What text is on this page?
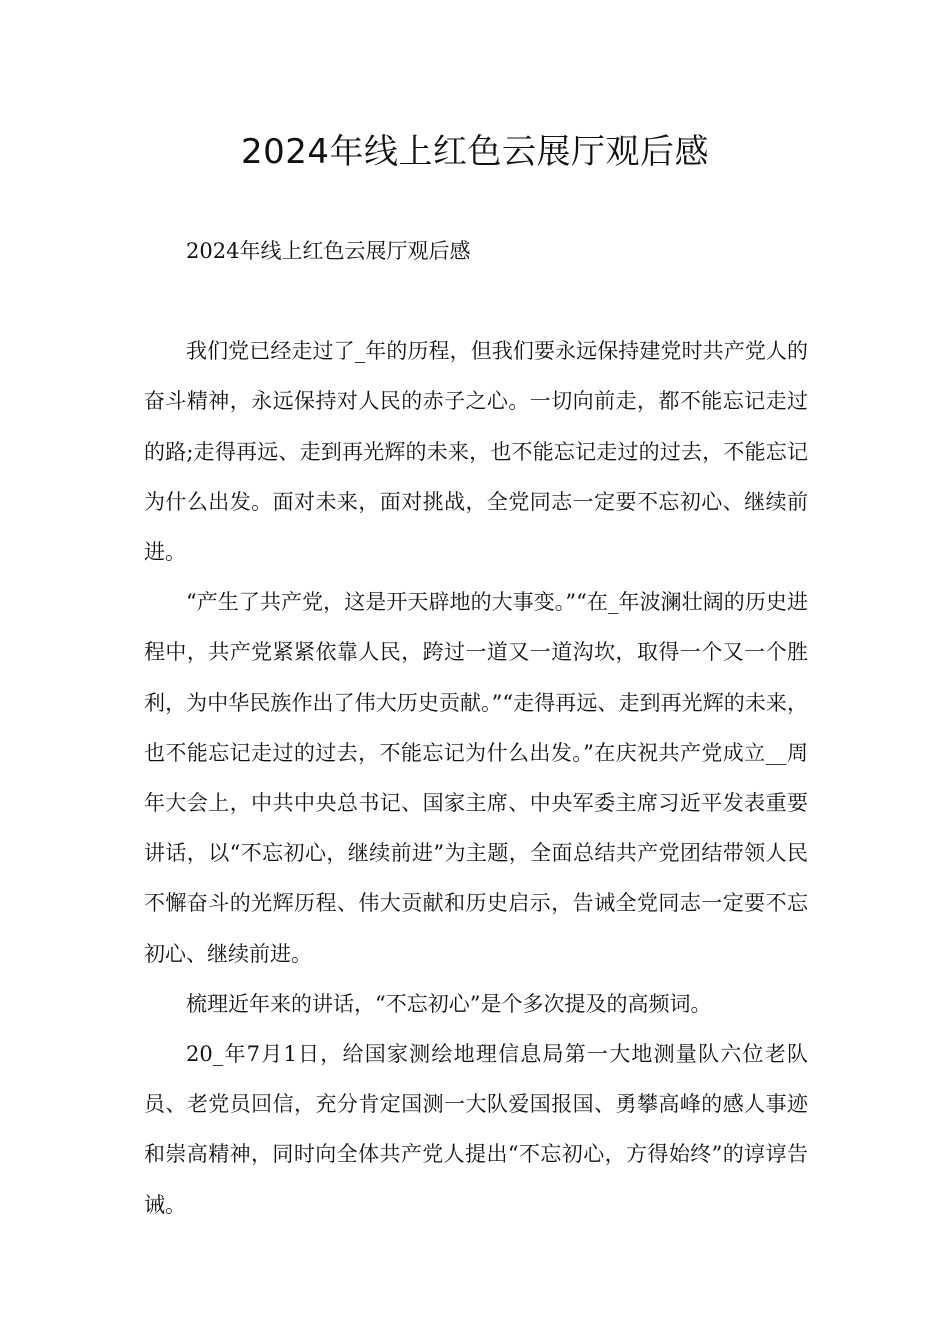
2024年线上红色云展厅观后感

2024年线上红色云展厅观后感

我们党已经走过了_年的历程，但我们要永远保持建党时共产党人的奋斗精神，永远保持对人民的赤子之心。一切向前走，都不能忘记走过的路;走得再远、走到再光辉的未来，也不能忘记走过的过去，不能忘记为什么出发。面对未来，面对挑战，全党同志一定要不忘初心、继续前进。

“产生了共产党，这是开天辟地的大事变。”“在_年波澜壮阔的历史进程中，共产党紧紧依靠人民，跨过一道又一道沟坎，取得一个又一个胜利，为中华民族作出了伟大历史贡献。”“走得再远、走到再光辉的未来，也不能忘记走过的过去，不能忘记为什么出发。”在庆祝共产党成立__周年大会上，中共中央总书记、国家主席、中央军委主席习近平发表重要讲话，以“不忘初心，继续前进”为主题，全面总结共产党团结带领人民不懈奋斗的光辉历程、伟大贡献和历史启示，告诫全党同志一定要不忘初心、继续前进。

梳理近年来的讲话，“不忘初心”是个多次提及的高频词。

20_年7月1日，给国家测绘地理信息局第一大地测量队六位老队员、老党员回信，充分肯定国测一大队爱国报国、勇攀高峰的感人事迹和崇高精神，同时向全体共产党人提出“不忘初心，方得始终”的谆谆告诫。
